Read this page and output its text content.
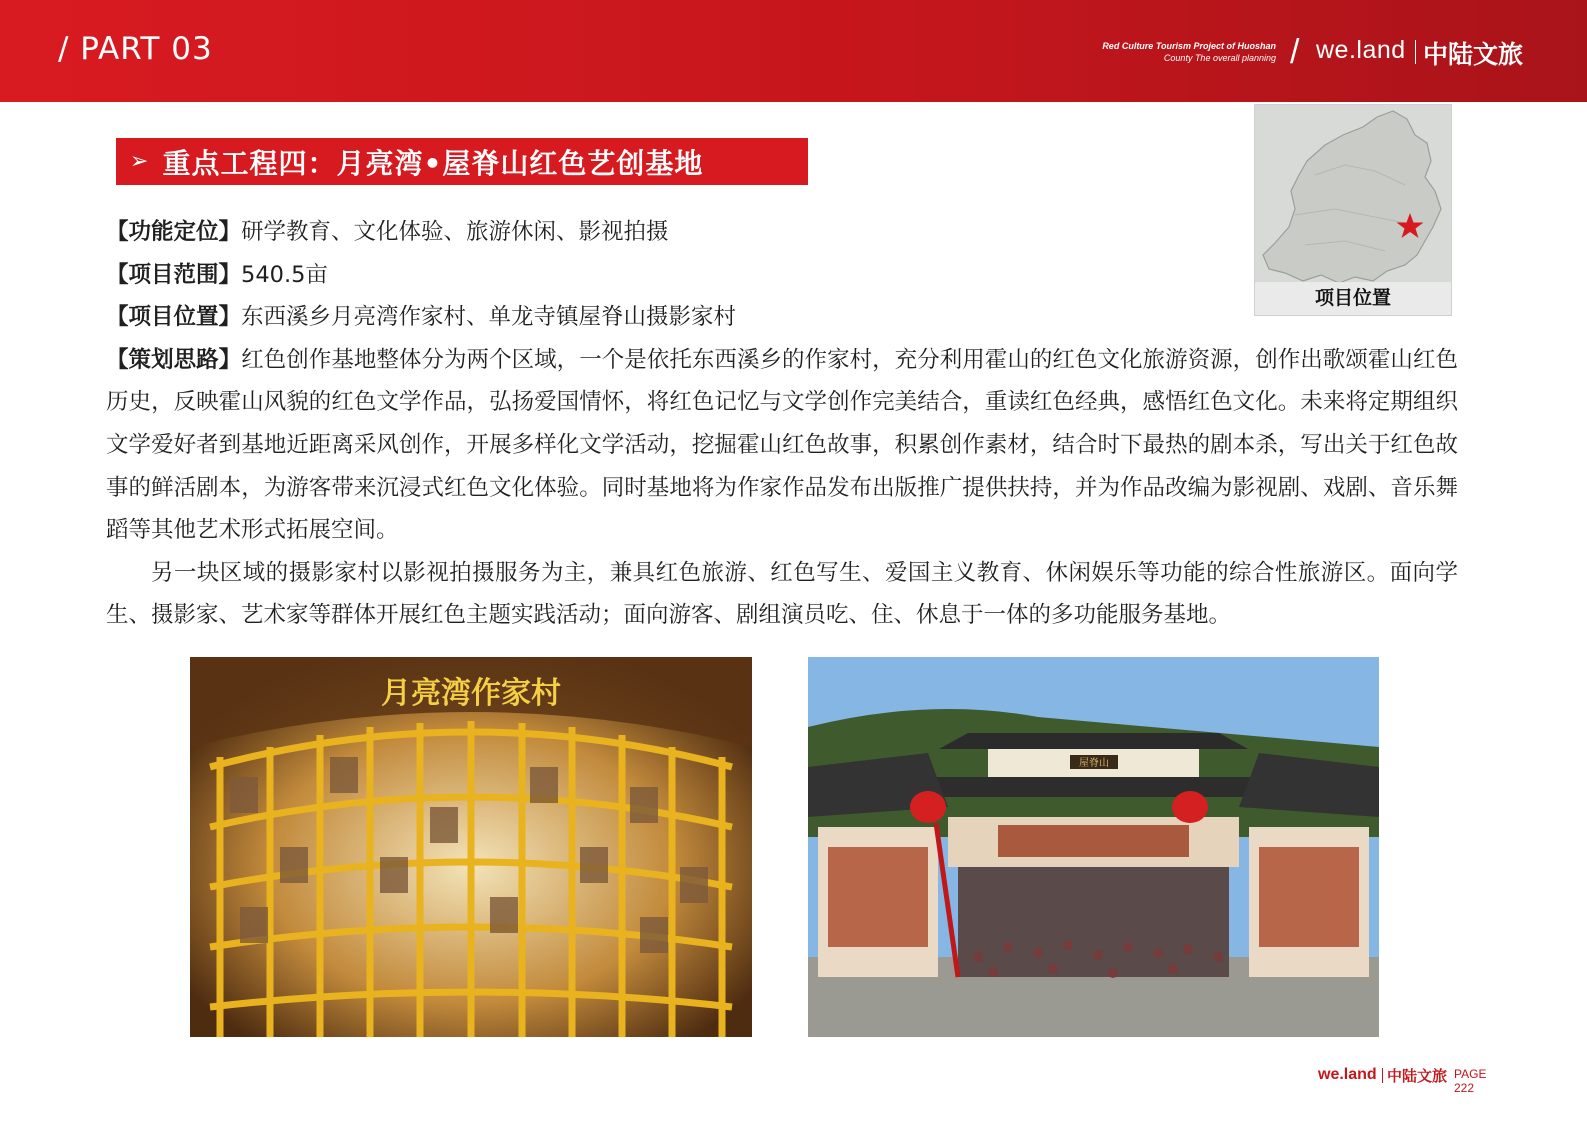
/ PART 03	Red Culture Tourism Project of Huoshan
County The overall planning / we.land 中陆文旅
➢ 重点工程四：月亮湾•屋脊山红色艺创基地
项目位置
【功能定位】研学教育、文化体验、旅游休闲、影视拍摄
【项目范围】540.5亩
【项目位置】东西溪乡月亮湾作家村、单龙寺镇屋脊山摄影家村
【策划思路】红色创作基地整体分为两个区域，一个是依托东西溪乡的作家村，充分利用霍山的红色文化旅游资源，创作出歌颂霍山红色历史，反映霍山风貌的红色文学作品，弘扬爱国情怀，将红色记忆与文学创作完美结合，重读红色经典，感悟红色文化。未来将定期组织文学爱好者到基地近距离采风创作，开展多样化文学活动，挖掘霍山红色故事，积累创作素材，结合时下最热的剧本杀，写出关于红色故事的鲜活剧本，为游客带来沉浸式红色文化体验。同时基地将为作家作品发布出版推广提供扶持，并为作品改编为影视剧、戏剧、音乐舞蹈等其他艺术形式拓展空间。
另一块区域的摄影家村以影视拍摄服务为主，兼具红色旅游、红色写生、爱国主义教育、休闲娱乐等功能的综合性旅游区。面向学生、摄影家、艺术家等群体开展红色主题实践活动；面向游客、剧组演员吃、住、休息于一体的多功能服务基地。
月亮湾作家村
屋脊山
we.land 中陆文旅 PAGE
222
